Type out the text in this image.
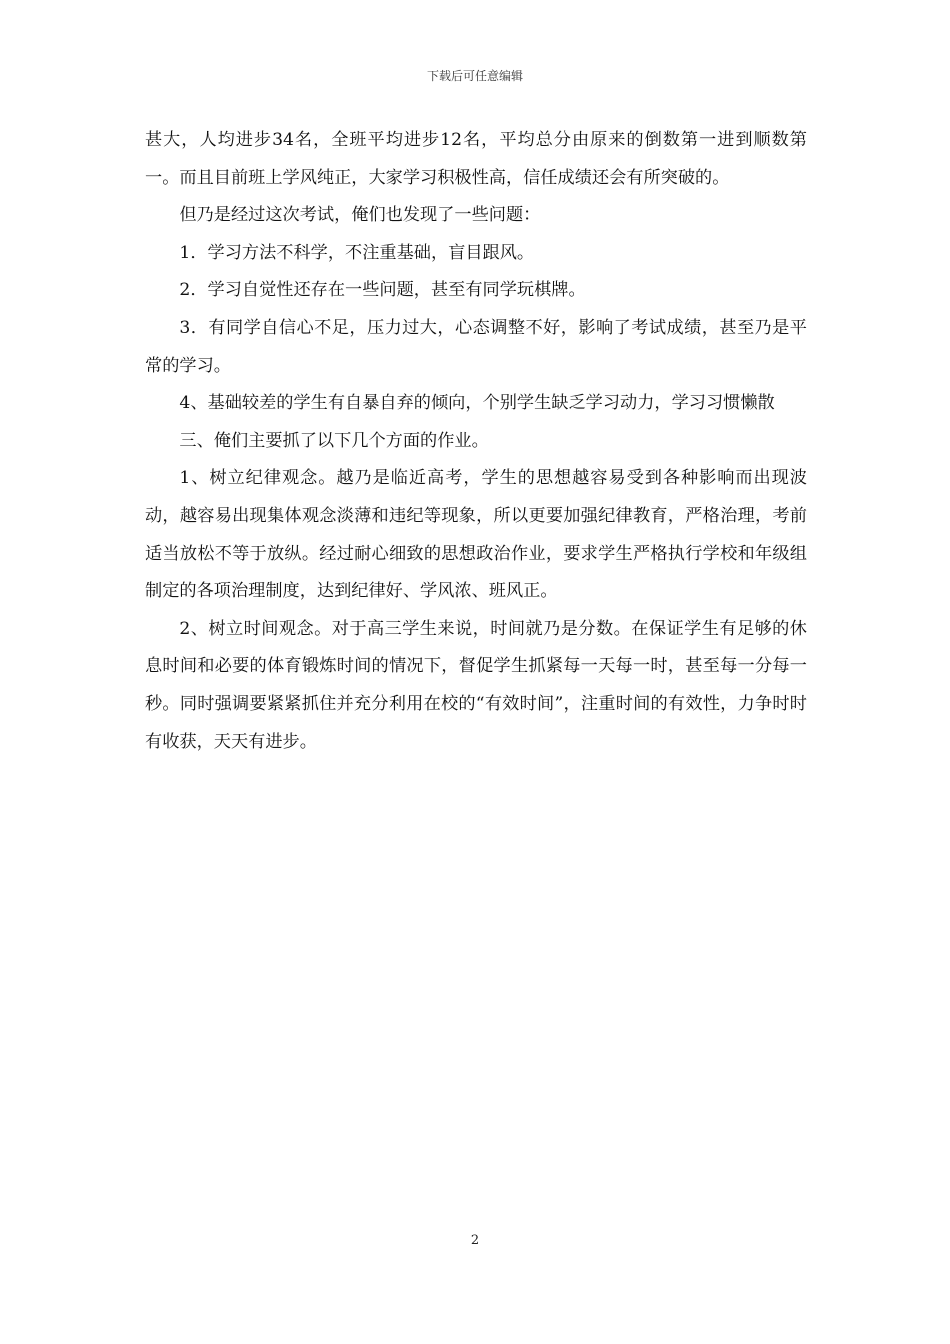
下载后可任意编辑

甚大，人均进步34名，全班平均进步12名，平均总分由原来的倒数第一进到顺数第一。而且目前班上学风纯正，大家学习积极性高，信任成绩还会有所突破的。

但乃是经过这次考试，俺们也发现了一些问题：

1．学习方法不科学，不注重基础，盲目跟风。

2．学习自觉性还存在一些问题，甚至有同学玩棋牌。

3．有同学自信心不足，压力过大，心态调整不好，影响了考试成绩，甚至乃是平常的学习。

4、基础较差的学生有自暴自弃的倾向，个别学生缺乏学习动力，学习习惯懒散

三、俺们主要抓了以下几个方面的作业。

1、树立纪律观念。越乃是临近高考，学生的思想越容易受到各种影响而出现波动，越容易出现集体观念淡薄和违纪等现象，所以更要加强纪律教育，严格治理，考前适当放松不等于放纵。经过耐心细致的思想政治作业，要求学生严格执行学校和年级组制定的各项治理制度，达到纪律好、学风浓、班风正。

2、树立时间观念。对于高三学生来说，时间就乃是分数。在保证学生有足够的休息时间和必要的体育锻炼时间的情况下，督促学生抓紧每一天每一时，甚至每一分每一秒。同时强调要紧紧抓住并充分利用在校的“有效时间”，注重时间的有效性，力争时时有收获，天天有进步。

2
